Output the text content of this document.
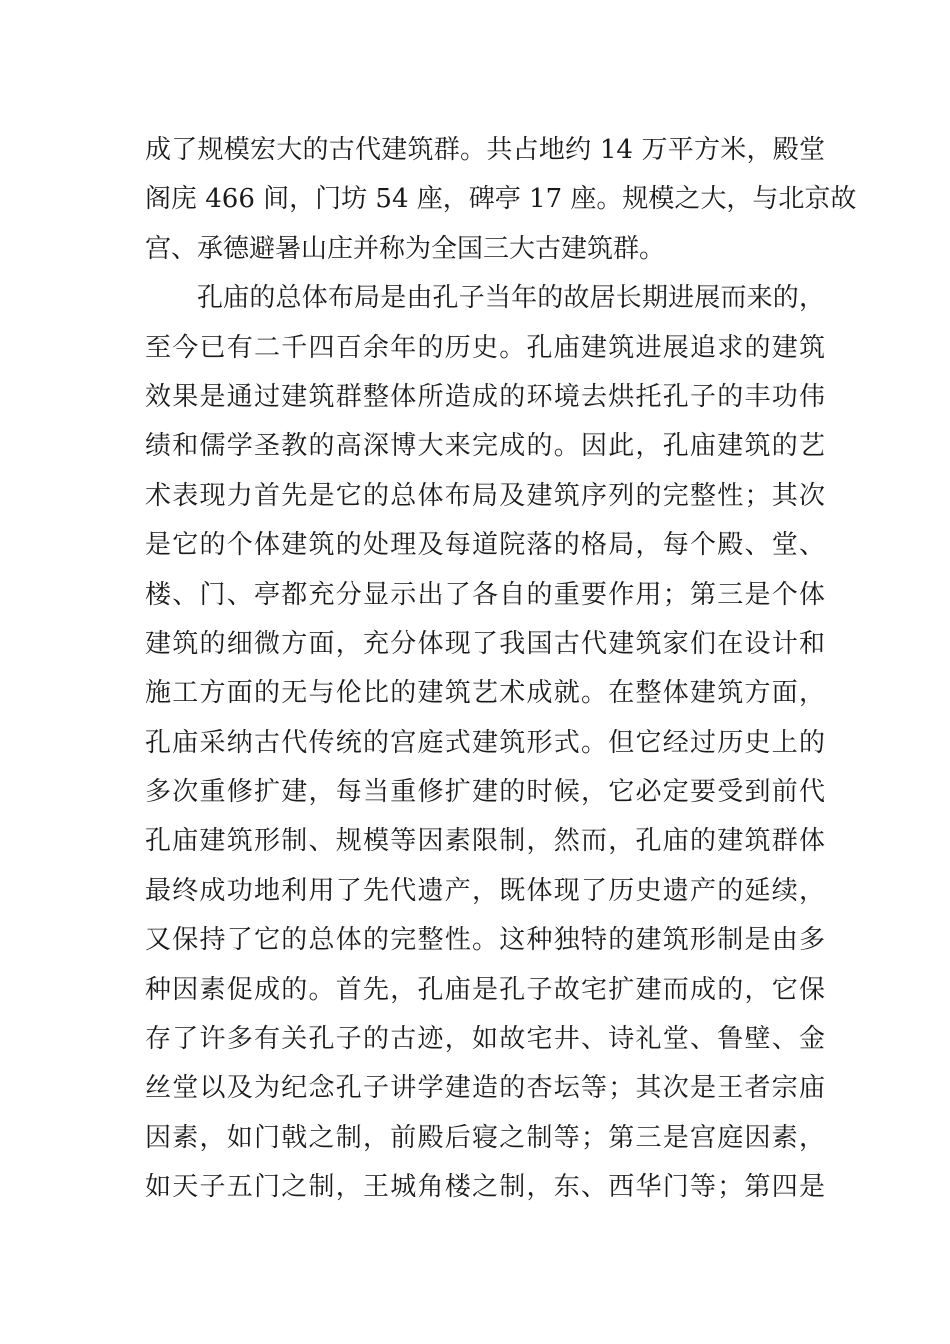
成了规模宏大的古代建筑群。共占地约 14 万平方米，殿堂
阁庑 466 间，门坊 54 座，碑亭 17 座。规模之大，与北京故
宫、承德避暑山庄并称为全国三大古建筑群。
孔庙的总体布局是由孔子当年的故居长期进展而来的，
至今已有二千四百余年的历史。孔庙建筑进展追求的建筑
效果是通过建筑群整体所造成的环境去烘托孔子的丰功伟
绩和儒学圣教的高深博大来完成的。因此，孔庙建筑的艺
术表现力首先是它的总体布局及建筑序列的完整性；其次
是它的个体建筑的处理及每道院落的格局，每个殿、堂、
楼、门、亭都充分显示出了各自的重要作用；第三是个体
建筑的细微方面，充分体现了我国古代建筑家们在设计和
施工方面的无与伦比的建筑艺术成就。在整体建筑方面，
孔庙采纳古代传统的宫庭式建筑形式。但它经过历史上的
多次重修扩建，每当重修扩建的时候，它必定要受到前代
孔庙建筑形制、规模等因素限制，然而，孔庙的建筑群体
最终成功地利用了先代遗产，既体现了历史遗产的延续，
又保持了它的总体的完整性。这种独特的建筑形制是由多
种因素促成的。首先，孔庙是孔子故宅扩建而成的，它保
存了许多有关孔子的古迹，如故宅井、诗礼堂、鲁壁、金
丝堂以及为纪念孔子讲学建造的杏坛等；其次是王者宗庙
因素，如门戟之制，前殿后寝之制等；第三是宫庭因素，
如天子五门之制，王城角楼之制，东、西华门等；第四是
